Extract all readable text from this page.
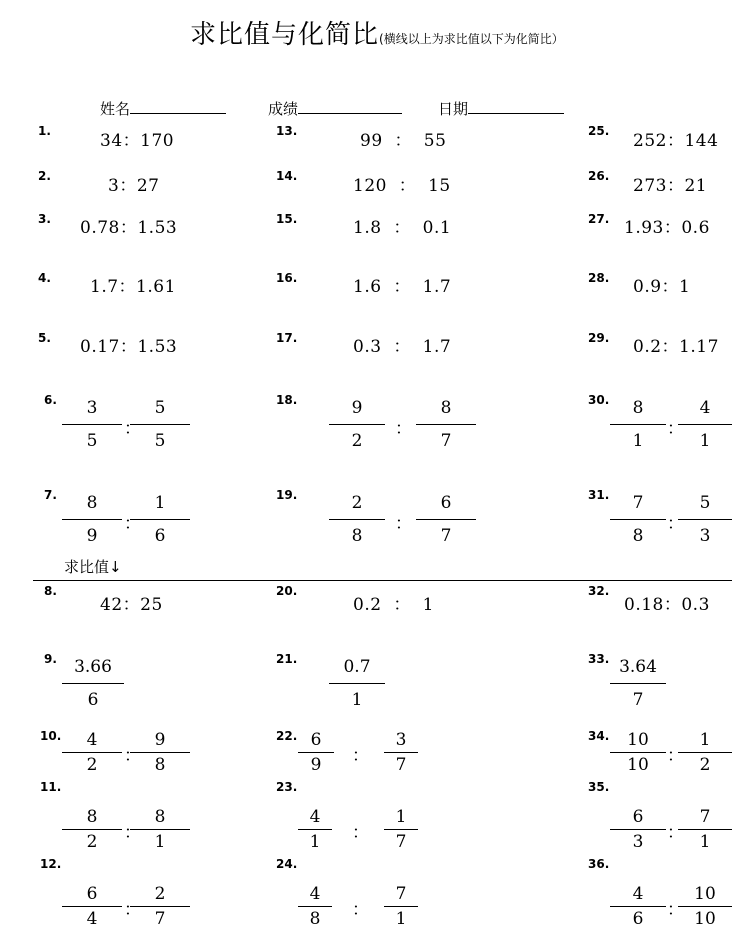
求比值与化简比(横线以上为求比值以下为化简比）
姓名	成绩	日期
1.	34：170
2.	3：27
3. 0.78：1.53
4. 1.7：1.61
5. 0.17：1.53
6.	3
5
：
5
5
7.	8
9
：
1
6
求比值↓
8.
42：25
9.	3.66
6
10.	4
2	：
9
8
11.
8
2	：
8
1
12.
6
4	：
2
7
13.	99  ：  55
14.	120  ：  15
15.	1.8  ：  0.1
16.	1.6  ：  1.7
17.	0.3  ：  1.7
18.	9
2
：
8
7
19.	2
8
：
6
7
20.
0.2  ：  1
21.	0.7
1
22. 6
9	：
3
7
23.
4
1	：
1
7
24.
4
8	：
7
1
25. 252：144
26. 273：21
27. 1.93：0.6
28. 0.9：1
29. 0.2：1.17
30.	8
1
：
4
1
31.	7
8
：
5
3
32.
0.18：0.3
33. 3.64
7
34.	10
10	：
1
2
35.
6
3	：
7
1
36.
4
6	：
10
10
